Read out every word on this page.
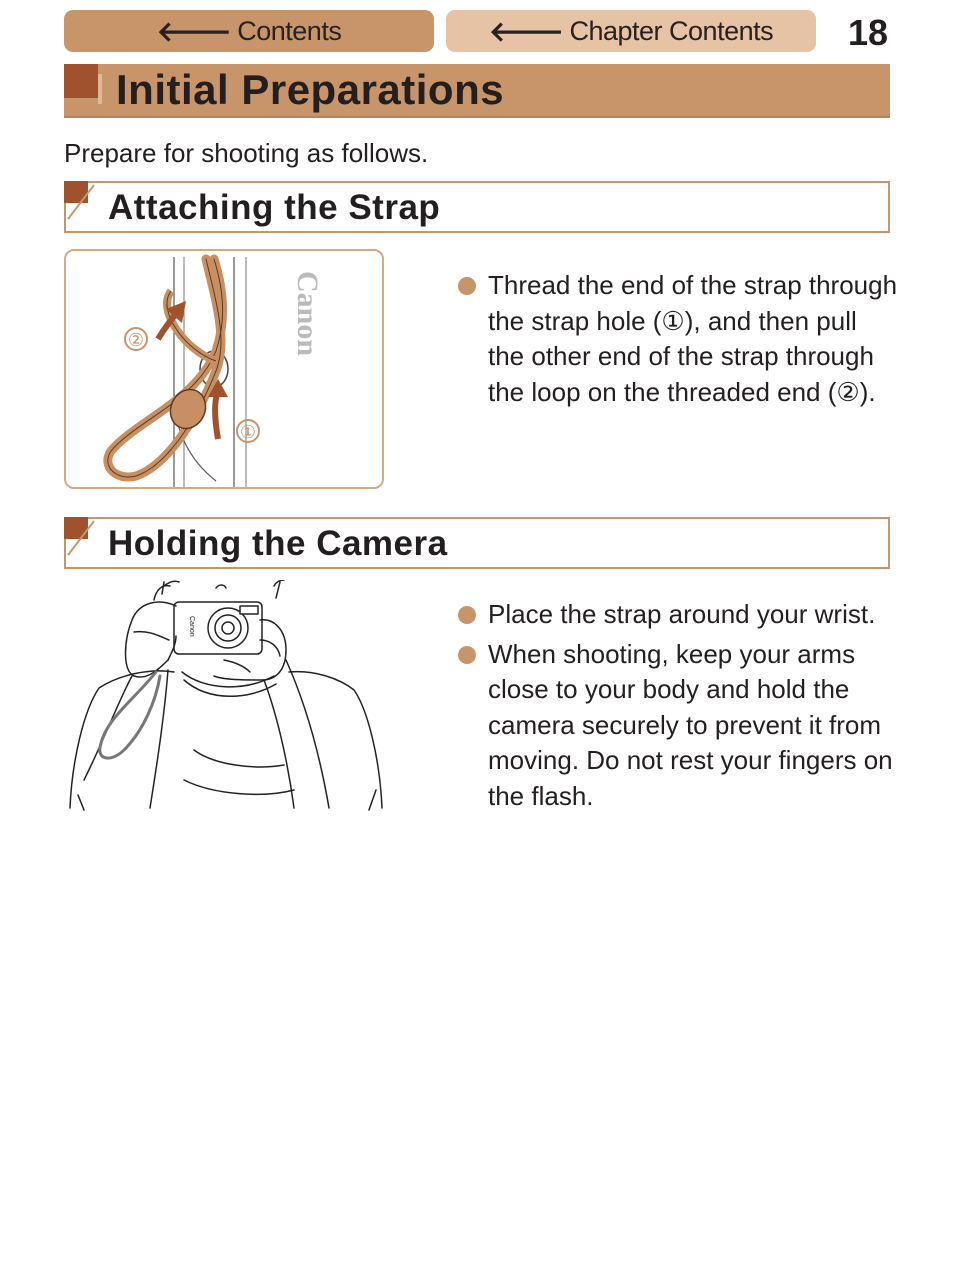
🡐 Contents	🡐 Chapter Contents 18
Initial Preparations
Prepare for shooting as follows.
Attaching the Strap
Canon
②
①
Thread the end of the strap through the strap hole (①), and then pull the other end of the strap through the loop on the threaded end (②).
Holding the Camera
Canon	Place the strap around your wrist.
When shooting, keep your arms close to your body and hold the camera securely to prevent it from moving. Do not rest your fingers on the flash.
